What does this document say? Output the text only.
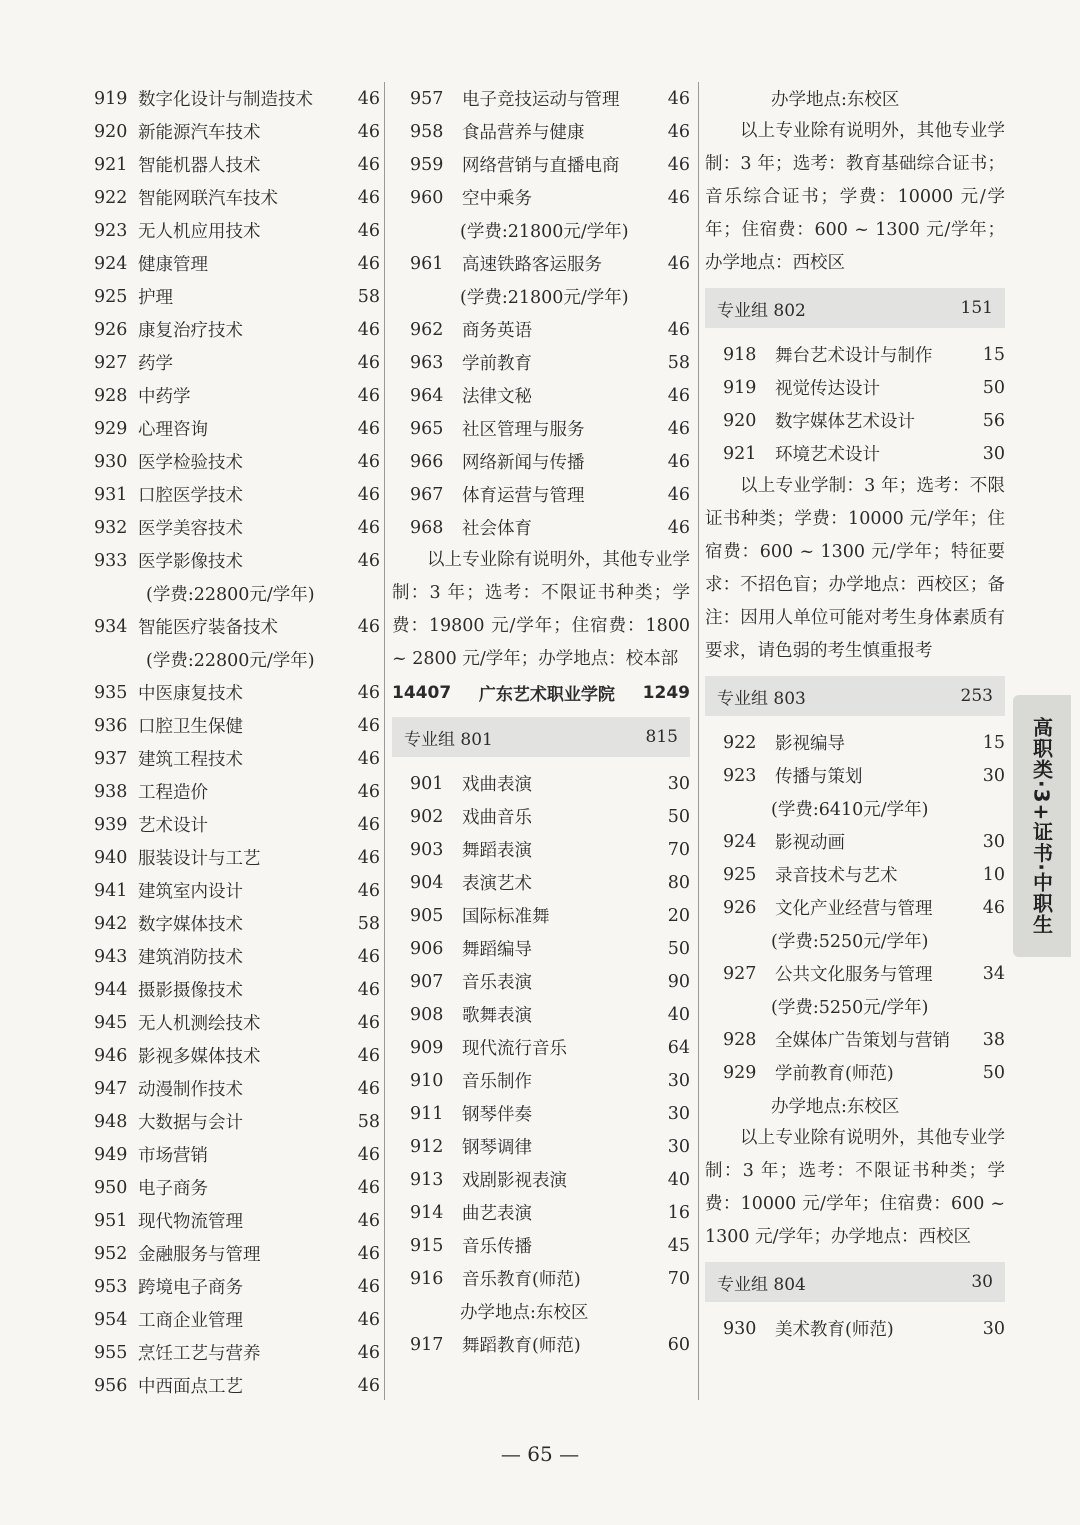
919 数字化设计与制造技术	46
920 新能源汽车技术	46
921 智能机器人技术	46
922 智能网联汽车技术	46
923 无人机应用技术	46
924 健康管理	46
925 护理	58
926 康复治疗技术	46
927 药学	46
928 中药学	46
929 心理咨询	46
930 医学检验技术	46
931 口腔医学技术	46
932 医学美容技术	46
933 医学影像技术	46
(学费:22800元/学年)
934 智能医疗装备技术	46
(学费:22800元/学年)
935 中医康复技术	46
936 口腔卫生保健	46
937 建筑工程技术	46
938 工程造价	46
939 艺术设计	46
940 服装设计与工艺	46
941 建筑室内设计	46
942 数字媒体技术	58
943 建筑消防技术	46
944 摄影摄像技术	46
945 无人机测绘技术	46
946 影视多媒体技术	46
947 动漫制作技术	46
948 大数据与会计	58
949 市场营销	46
950 电子商务	46
951 现代物流管理	46
952 金融服务与管理	46
953 跨境电子商务	46
954 工商企业管理	46
955 烹饪工艺与营养	46
956 中西面点工艺	46
957	电子竞技运动与管理	46
958	食品营养与健康	46
959	网络营销与直播电商	46
960	空中乘务	46
(学费:21800元/学年)
961	高速铁路客运服务	46
(学费:21800元/学年)
962	商务英语	46
963	学前教育	58
964	法律文秘	46
965	社区管理与服务	46
966	网络新闻与传播	46
967	体育运营与管理	46
968	社会体育	46
以上专业除有说明外，其他专业学制：3 年；选考：不限证书种类；学费：19800 元/学年；住宿费：1800 ~ 2800 元/学年；办学地点：校本部
14407 广东艺术职业学院 1249
专业组 801	815
901	戏曲表演	30
902	戏曲音乐	50
903	舞蹈表演	70
904	表演艺术	80
905	国际标准舞	20
906	舞蹈编导	50
907	音乐表演	90
908	歌舞表演	40
909	现代流行音乐	64
910	音乐制作	30
911	钢琴伴奏	30
912	钢琴调律	30
913	戏剧影视表演	40
914	曲艺表演	16
915	音乐传播	45
916	音乐教育(师范)	70
办学地点:东校区
917	舞蹈教育(师范)	60
办学地点:东校区
以上专业除有说明外，其他专业学制：3 年；选考：教育基础综合证书；音乐综合证书；学费：10000 元/学年；住宿费：600 ~ 1300 元/学年；办学地点：西校区
专业组 802	151
918	舞台艺术设计与制作	15
919	视觉传达设计	50
920	数字媒体艺术设计	56
921	环境艺术设计	30
以上专业学制：3 年；选考：不限证书种类；学费：10000 元/学年；住宿费：600 ~ 1300 元/学年；特征要求：不招色盲；办学地点：西校区；备注：因用人单位可能对考生身体素质有要求，请色弱的考生慎重报考
专业组 803	253
922	影视编导	15
923	传播与策划	30
(学费:6410元/学年)
924	影视动画	30
925	录音技术与艺术	10
926	文化产业经营与管理	46
(学费:5250元/学年)
927	公共文化服务与管理	34
(学费:5250元/学年)
928	全媒体广告策划与营销	38
929	学前教育(师范)	50
办学地点:东校区
以上专业除有说明外，其他专业学制：3 年；选考：不限证书种类；学费：10000 元/学年；住宿费：600 ~ 1300 元/学年；办学地点：西校区
专业组 804	30
930	美术教育(师范)	30
高职类·3+证书·中职生
— 65 —
